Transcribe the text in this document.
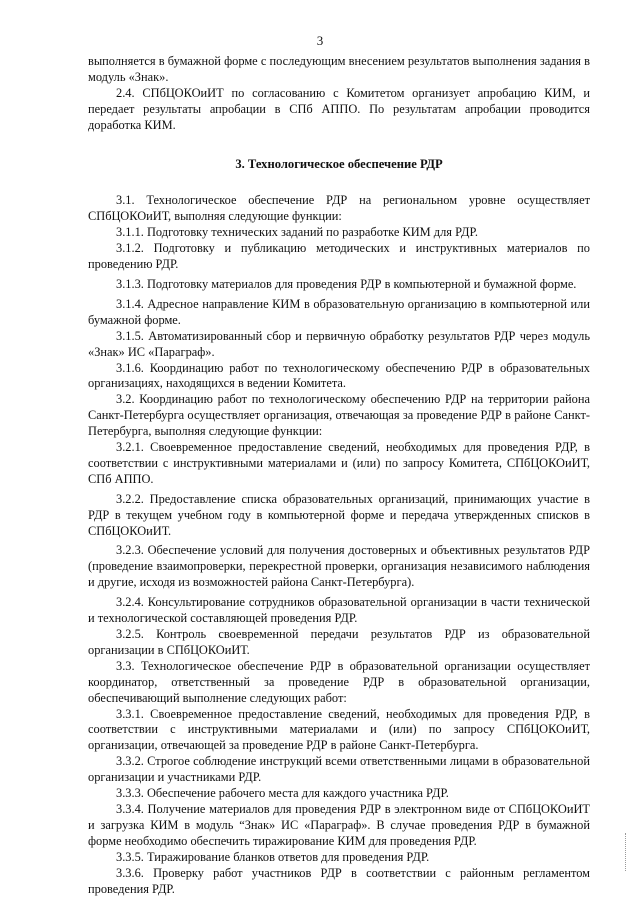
3

выполняется в бумажной форме с последующим внесением результатов выполнения задания в модуль «Знак».

2.4. СПбЦОКОиИТ по согласованию с Комитетом организует апробацию КИМ, и передает результаты апробации в СПб АППО. По результатам апробации проводится доработка КИМ.

3. Технологическое обеспечение РДР

3.1. Технологическое обеспечение РДР на региональном уровне осуществляет СПбЦОКОиИТ, выполняя следующие функции:

3.1.1. Подготовку технических заданий по разработке КИМ для РДР.

3.1.2. Подготовку и публикацию методических и инструктивных материалов по проведению РДР.

3.1.3. Подготовку материалов для проведения РДР в компьютерной и бумажной форме.

3.1.4. Адресное направление КИМ в образовательную организацию в компьютерной или бумажной форме.

3.1.5. Автоматизированный сбор и первичную обработку результатов РДР через модуль «Знак» ИС «Параграф».

3.1.6. Координацию работ по технологическому обеспечению РДР в образовательных организациях, находящихся в ведении Комитета.

3.2. Координацию работ по технологическому обеспечению РДР на территории района Санкт-Петербурга осуществляет организация, отвечающая за проведение РДР в районе Санкт-Петербурга, выполняя следующие функции:

3.2.1. Своевременное предоставление сведений, необходимых для проведения РДР, в соответствии с инструктивными материалами и (или) по запросу Комитета, СПбЦОКОиИТ, СПб АППО.

3.2.2. Предоставление списка образовательных организаций, принимающих участие в РДР в текущем учебном году в компьютерной форме и передача утвержденных списков в СПбЦОКОиИТ.

3.2.3. Обеспечение условий для получения достоверных и объективных результатов РДР (проведение взаимопроверки, перекрестной проверки, организация независимого наблюдения и другие, исходя из возможностей района Санкт-Петербурга).

3.2.4. Консультирование сотрудников образовательной организации в части технической и технологической составляющей проведения РДР.

3.2.5. Контроль своевременной передачи результатов РДР из образовательной организации в СПбЦОКОиИТ.

3.3. Технологическое обеспечение РДР в образовательной организации осуществляет координатор, ответственный за проведение РДР в образовательной организации, обеспечивающий выполнение следующих работ:

3.3.1. Своевременное предоставление сведений, необходимых для проведения РДР, в соответствии с инструктивными материалами и (или) по запросу СПбЦОКОиИТ, организации, отвечающей за проведение РДР в районе Санкт-Петербурга.

3.3.2. Строгое соблюдение инструкций всеми ответственными лицами в образовательной организации и участниками РДР.

3.3.3. Обеспечение рабочего места для каждого участника РДР.

3.3.4. Получение материалов для проведения РДР в электронном виде от СПбЦОКОиИТ и загрузка КИМ в модуль “Знак» ИС «Параграф». В случае проведения РДР в бумажной форме необходимо обеспечить тиражирование КИМ для проведения РДР.

3.3.5. Тиражирование бланков ответов для проведения РДР.

3.3.6. Проверку работ участников РДР в соответствии с районным регламентом проведения РДР.
